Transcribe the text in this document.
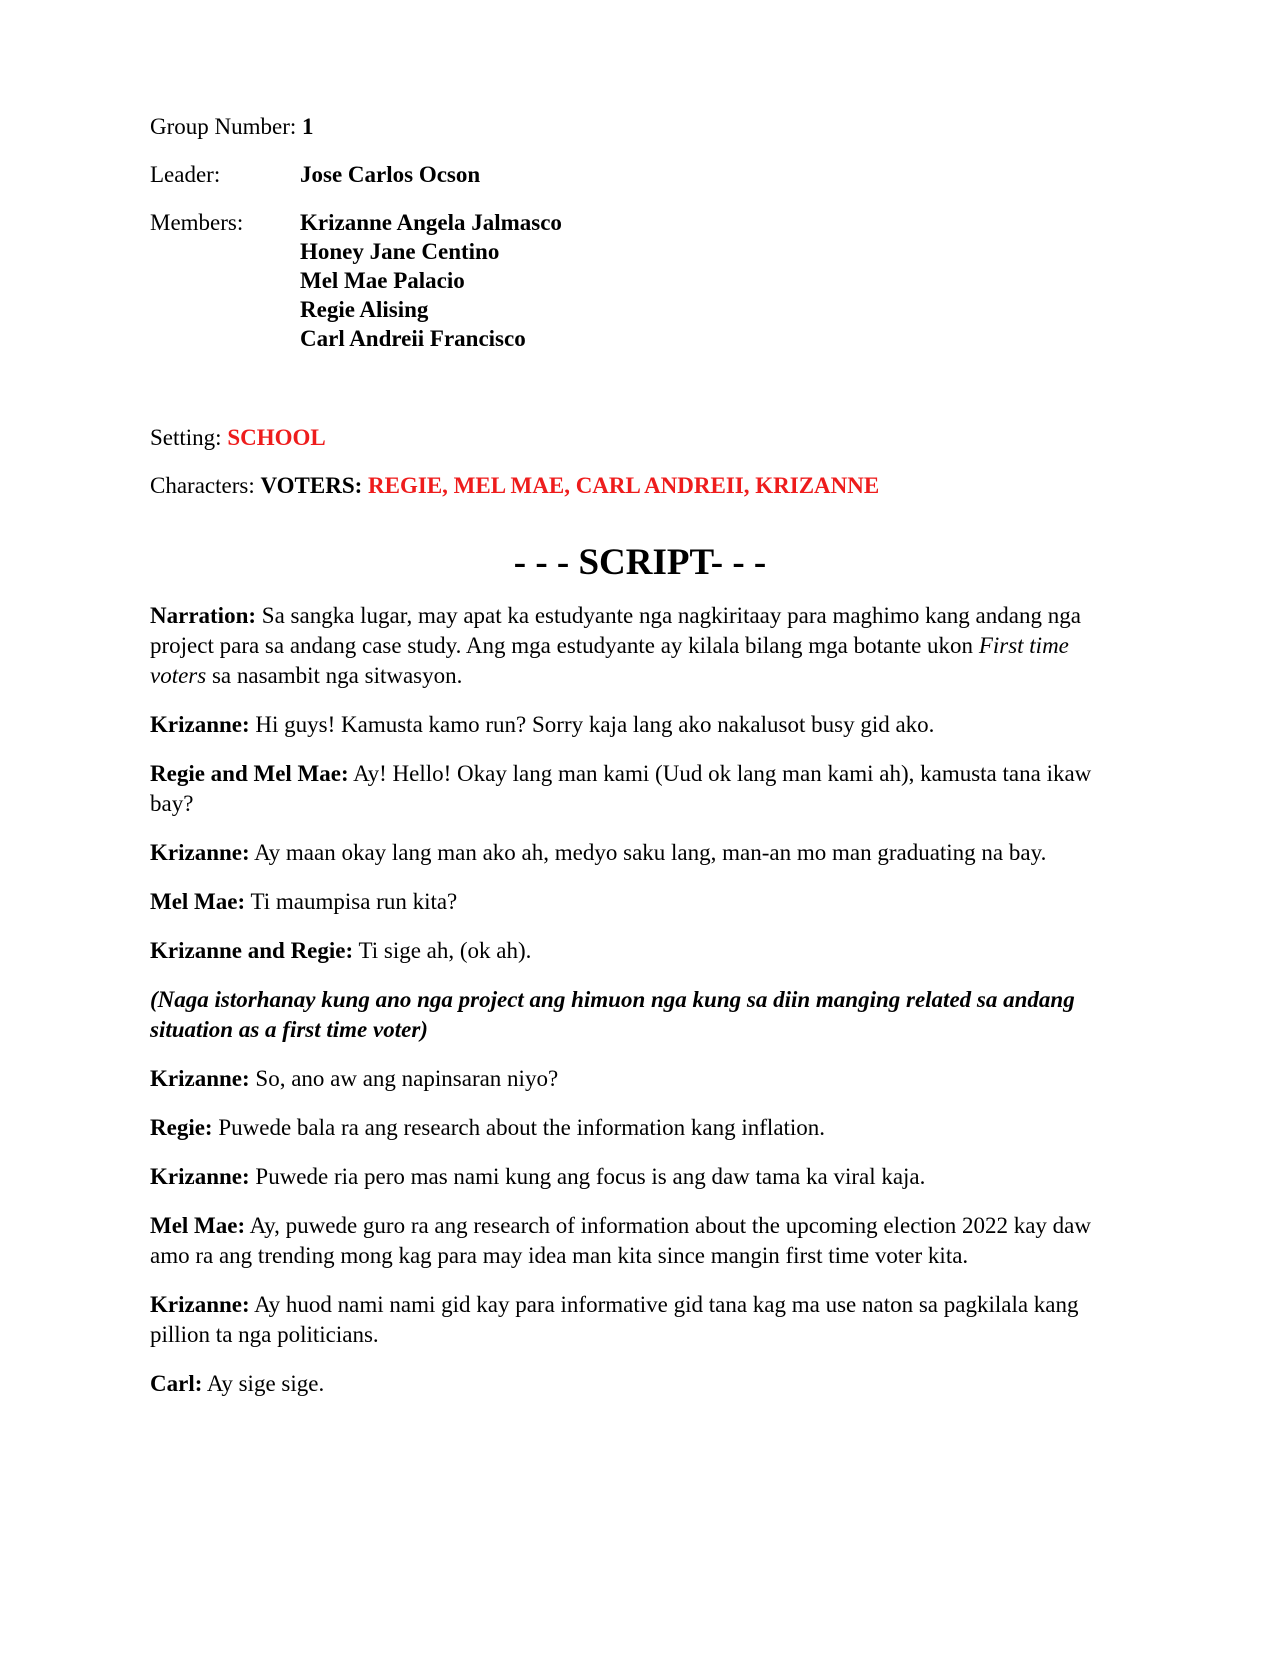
Group Number: 1
Leader:	Jose Carlos Ocson
Members:	Krizanne Angela Jalmasco
Honey Jane Centino
Mel Mae Palacio
Regie Alising
Carl Andreii Francisco
Setting: SCHOOL
Characters: VOTERS: REGIE, MEL MAE, CARL ANDREII, KRIZANNE
- - - SCRIPT- - -

Narration: Sa sangka lugar, may apat ka estudyante nga nagkiritaay para maghimo kang andang nga project para sa andang case study. Ang mga estudyante ay kilala bilang mga botante ukon First time voters sa nasambit nga sitwasyon.

Krizanne: Hi guys! Kamusta kamo run? Sorry kaja lang ako nakalusot busy gid ako.

Regie and Mel Mae: Ay! Hello! Okay lang man kami (Uud ok lang man kami ah), kamusta tana ikaw bay?

Krizanne: Ay maan okay lang man ako ah, medyo saku lang, man-an mo man graduating na bay.

Mel Mae: Ti maumpisa run kita?

Krizanne and Regie: Ti sige ah, (ok ah).

(Naga istorhanay kung ano nga project ang himuon nga kung sa diin manging related sa andang situation as a first time voter)

Krizanne: So, ano aw ang napinsaran niyo?

Regie: Puwede bala ra ang research about the information kang inflation.

Krizanne: Puwede ria pero mas nami kung ang focus is ang daw tama ka viral kaja.

Mel Mae: Ay, puwede guro ra ang research of information about the upcoming election 2022 kay daw amo ra ang trending mong kag para may idea man kita since mangin first time voter kita.

Krizanne: Ay huod nami nami gid kay para informative gid tana kag ma use naton sa pagkilala kang pillion ta nga politicians.

Carl: Ay sige sige.
